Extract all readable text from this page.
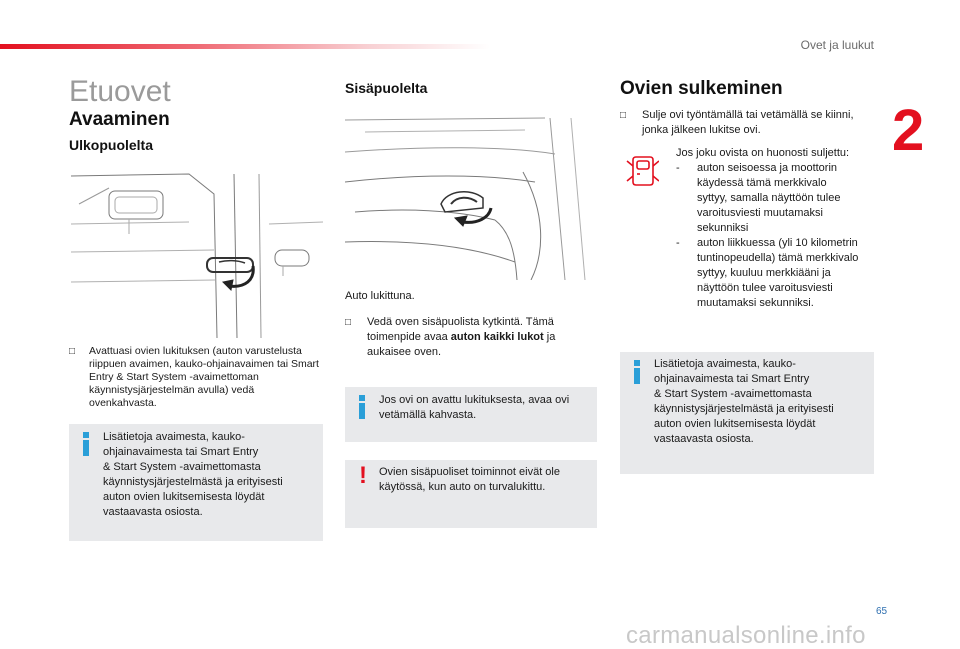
Ovet ja luukut
2
Etuovet
Avaaminen
Ulkopuolelta
□	Avattuasi ovien lukituksen (auton varustelusta riippuen avaimen, kauko-ohjainavaimen tai Smart Entry & Start System -avaimettoman käynnistysjärjestelmän avulla) vedä ovenkahvasta.
Lisätietoja avaimesta, kauko-
ohjainavaimesta tai Smart Entry
& Start System -avaimettomasta
käynnistysjärjestelmästä ja erityisesti
auton ovien lukitsemisesta löydät
vastaavasta osiosta.
Sisäpuolelta
Auto lukittuna.
□	Vedä oven sisäpuolista kytkintä. Tämä toimenpide avaa auton kaikki lukot ja aukaisee oven.
Jos ovi on avattu lukituksesta, avaa ovi
vetämällä kahvasta.
! Ovien sisäpuoliset toiminnot eivät ole
käytössä, kun auto on turvalukittu.
Ovien sulkeminen
□	Sulje ovi työntämällä tai vetämällä se kiinni, jonka jälkeen lukitse ovi.
Jos joku ovista on huonosti suljettu:
- auton seisoessa ja moottorin
käydessä tämä merkkivalo
syttyy, samalla näyttöön tulee
varoitusviesti muutamaksi
sekunniksi
- auton liikkuessa (yli 10 kilometrin
tuntinopeudella) tämä merkkivalo
syttyy, kuuluu merkkiääni ja
näyttöön tulee varoitusviesti
muutamaksi sekunniksi.
Lisätietoja avaimesta, kauko-
ohjainavaimesta tai Smart Entry
& Start System -avaimettomasta
käynnistysjärjestelmästä ja erityisesti
auton ovien lukitsemisesta löydät
vastaavasta osiosta.
65
carmanualsonline.info
